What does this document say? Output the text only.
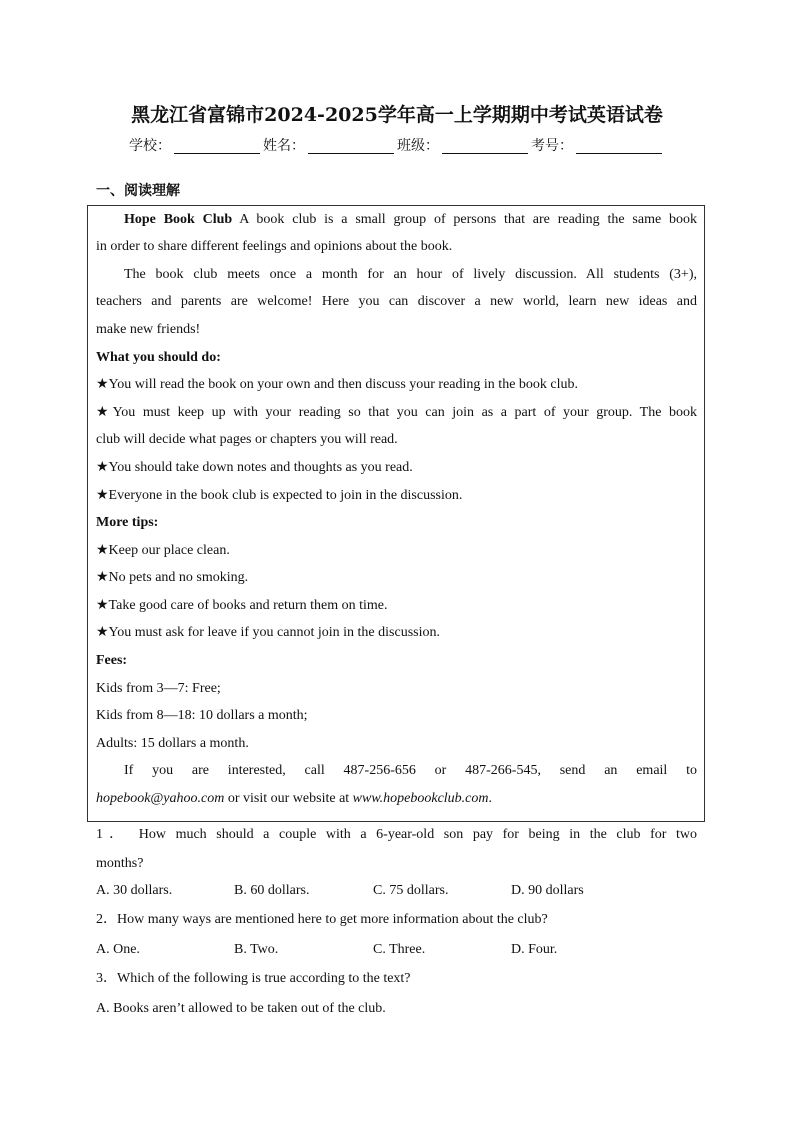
黑龙江省富锦市2024-2025学年高一上学期期中考试英语试卷
学校：	姓名：	班级：	考号：
一、阅读理解
Hope Book Club A book club is a small group of persons that are reading the same book
in order to share different feelings and opinions about the book.
The book club meets once a month for an hour of lively discussion. All students (3+),
teachers and parents are welcome! Here you can discover a new world, learn new ideas and
make new friends!
What you should do:
★You will read the book on your own and then discuss your reading in the book club.
★You must keep up with your reading so that you can join as a part of your group. The book
club will decide what pages or chapters you will read.
★You should take down notes and thoughts as you read.
★Everyone in the book club is expected to join in the discussion.
More tips:
★Keep our place clean.
★No pets and no smoking.
★Take good care of books and return them on time.
★You must ask for leave if you cannot join in the discussion.
Fees:
Kids from 3—7: Free;
Kids from 8—18: 10 dollars a month;
Adults: 15 dollars a month.
If you are interested, call 487-256-656 or 487-266-545, send an email to
hopebook@yahoo.com or visit our website at www.hopebookclub.com.
1． How much should a couple with a 6-year-old son pay for being in the club for two
months?
A. 30 dollars.	B. 60 dollars.	C. 75 dollars.	D. 90 dollars
2．How many ways are mentioned here to get more information about the club?
A. One.	B. Two.	C. Three.	D. Four.
3．Which of the following is true according to the text?
A. Books aren’t allowed to be taken out of the club.
